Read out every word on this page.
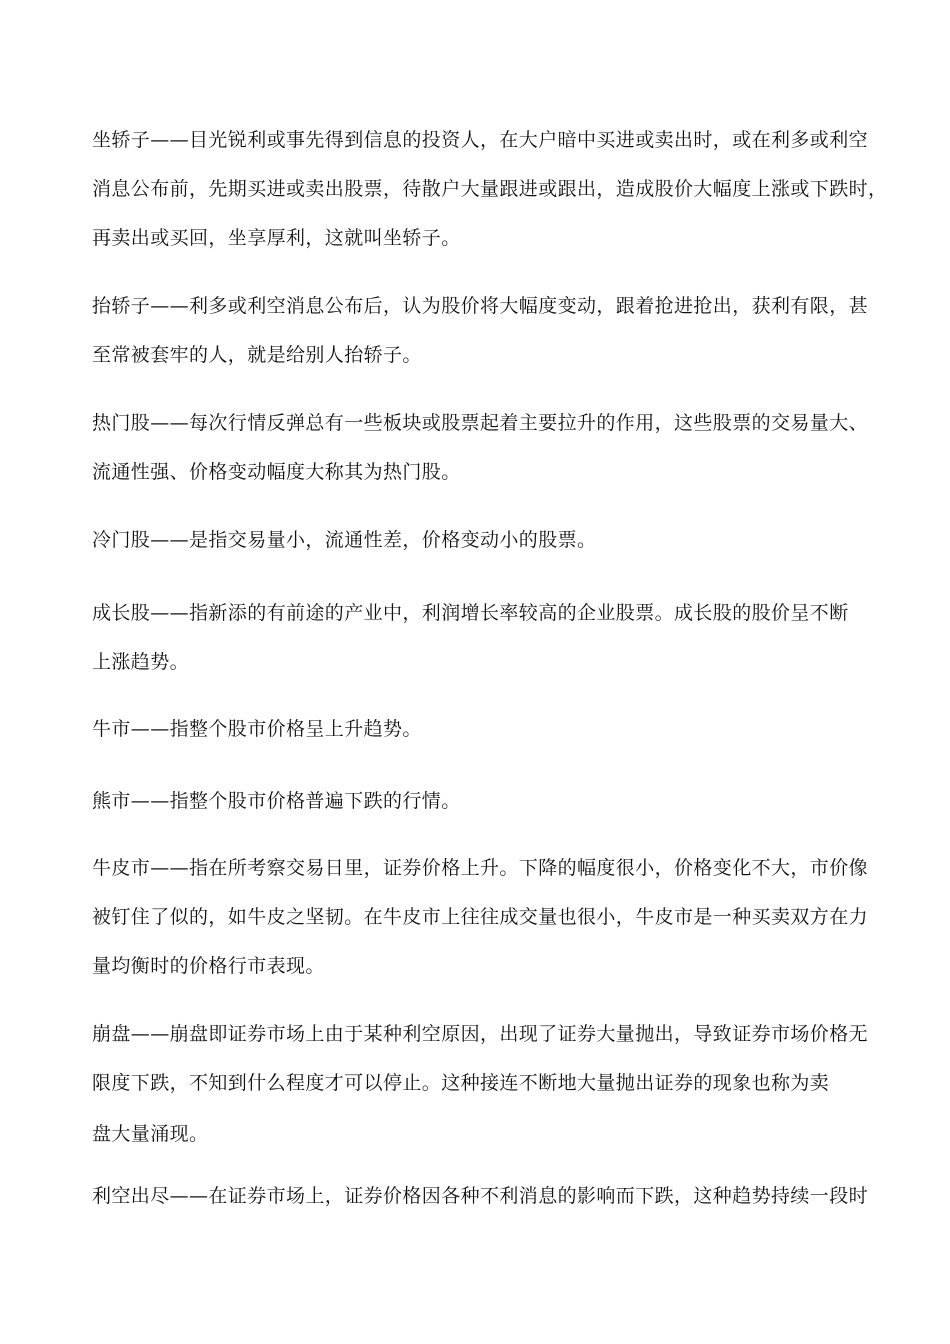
坐轿子——目光锐利或事先得到信息的投资人，在大户暗中买进或卖出时，或在利多或利空

消息公布前，先期买进或卖出股票，待散户大量跟进或跟出，造成股价大幅度上涨或下跌时，

再卖出或买回，坐享厚利，这就叫坐轿子。

抬轿子——利多或利空消息公布后，认为股价将大幅度变动，跟着抢进抢出，获利有限，甚

至常被套牢的人，就是给别人抬轿子。

热门股——每次行情反弹总有一些板块或股票起着主要拉升的作用，这些股票的交易量大、

流通性强、价格变动幅度大称其为热门股。

冷门股——是指交易量小，流通性差，价格变动小的股票。

成长股——指新添的有前途的产业中，利润增长率较高的企业股票。成长股的股价呈不断

上涨趋势。

牛市——指整个股市价格呈上升趋势。

熊市——指整个股市价格普遍下跌的行情。

牛皮市——指在所考察交易日里，证券价格上升。下降的幅度很小，价格变化不大，市价像

被钉住了似的，如牛皮之坚韧。在牛皮市上往往成交量也很小，牛皮市是一种买卖双方在力

量均衡时的价格行市表现。

崩盘——崩盘即证券市场上由于某种利空原因，出现了证券大量抛出，导致证券市场价格无

限度下跌，不知到什么程度才可以停止。这种接连不断地大量抛出证券的现象也称为卖

盘大量涌现。

利空出尽——在证券市场上，证券价格因各种不利消息的影响而下跌，这种趋势持续一段时
